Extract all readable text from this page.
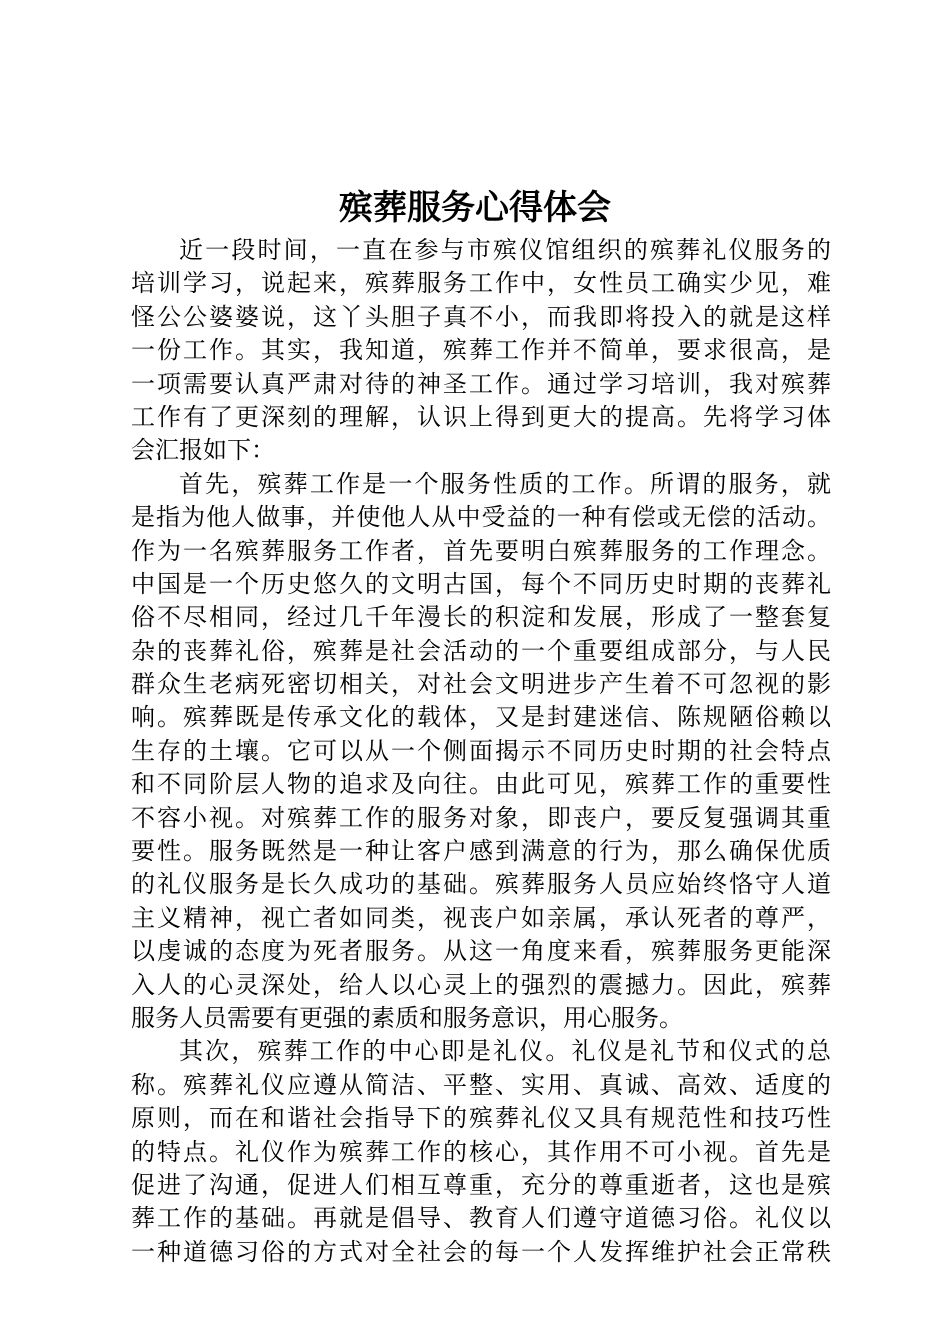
殡葬服务心得体会
近一段时间，一直在参与市殡仪馆组织的殡葬礼仪服务的
培训学习，说起来，殡葬服务工作中，女性员工确实少见，难
怪公公婆婆说，这丫头胆子真不小，而我即将投入的就是这样
一份工作。其实，我知道，殡葬工作并不简单，要求很高，是
一项需要认真严肃对待的神圣工作。通过学习培训，我对殡葬
工作有了更深刻的理解，认识上得到更大的提高。先将学习体
会汇报如下：
首先，殡葬工作是一个服务性质的工作。所谓的服务，就
是指为他人做事，并使他人从中受益的一种有偿或无偿的活动。
作为一名殡葬服务工作者，首先要明白殡葬服务的工作理念。
中国是一个历史悠久的文明古国，每个不同历史时期的丧葬礼
俗不尽相同，经过几千年漫长的积淀和发展，形成了一整套复
杂的丧葬礼俗，殡葬是社会活动的一个重要组成部分，与人民
群众生老病死密切相关，对社会文明进步产生着不可忽视的影
响。殡葬既是传承文化的载体，又是封建迷信、陈规陋俗赖以
生存的土壤。它可以从一个侧面揭示不同历史时期的社会特点
和不同阶层人物的追求及向往。由此可见，殡葬工作的重要性
不容小视。对殡葬工作的服务对象，即丧户，要反复强调其重
要性。服务既然是一种让客户感到满意的行为，那么确保优质
的礼仪服务是长久成功的基础。殡葬服务人员应始终恪守人道
主义精神，视亡者如同类，视丧户如亲属，承认死者的尊严，
以虔诚的态度为死者服务。从这一角度来看，殡葬服务更能深
入人的心灵深处，给人以心灵上的强烈的震撼力。因此，殡葬
服务人员需要有更强的素质和服务意识，用心服务。
其次，殡葬工作的中心即是礼仪。礼仪是礼节和仪式的总
称。殡葬礼仪应遵从简洁、平整、实用、真诚、高效、适度的
原则，而在和谐社会指导下的殡葬礼仪又具有规范性和技巧性
的特点。礼仪作为殡葬工作的核心，其作用不可小视。首先是
促进了沟通，促进人们相互尊重，充分的尊重逝者，这也是殡
葬工作的基础。再就是倡导、教育人们遵守道德习俗。礼仪以
一种道德习俗的方式对全社会的每一个人发挥维护社会正常秩
